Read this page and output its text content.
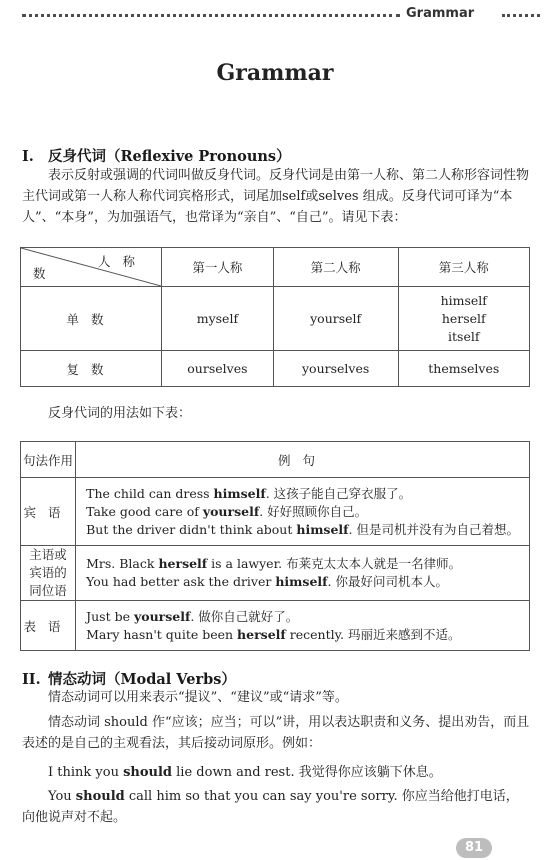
Grammar
Grammar
I. 反身代词（Reflexive Pronouns）

表示反射或强调的代词叫做反身代词。反身代词是由第一人称、第二人称形容词性物主代词或第一人称人称代词宾格形式，词尾加self或selves 组成。反身代词可译为“本人”、“本身”，为加强语气，也常译为“亲自”、“自己”。请见下表：

人称
数	第一人称	第二人称	第三人称
单数	myself	yourself	himself
herself
itself

复数	ourselves	yourselves	themselves

反身代词的用法如下表：

句法作用	例句
宾语	The child can dress himself. 这孩子能自己穿衣服了。
Take good care of yourself. 好好照顾你自己。
But the driver didn't think about himself. 但是司机并没有为自己着想。

主语或宾语的同位语	Mrs. Black herself is a lawyer. 布莱克太太本人就是一名律师。
You had better ask the driver himself. 你最好问司机本人。

表语	Just be yourself. 做你自己就好了。
Mary hasn't quite been herself recently. 玛丽近来感到不适。
II. 情态动词（Modal Verbs）

情态动词可以用来表示“提议”、“建议”或“请求”等。

情态动词 should 作“应该；应当；可以”讲，用以表达职责和义务、提出劝告，而且表述的是自己的主观看法，其后接动词原形。例如：

I think you should lie down and rest. 我觉得你应该躺下休息。

You should call him so that you can say you're sorry. 你应当给他打电话，向他说声对不起。

81
